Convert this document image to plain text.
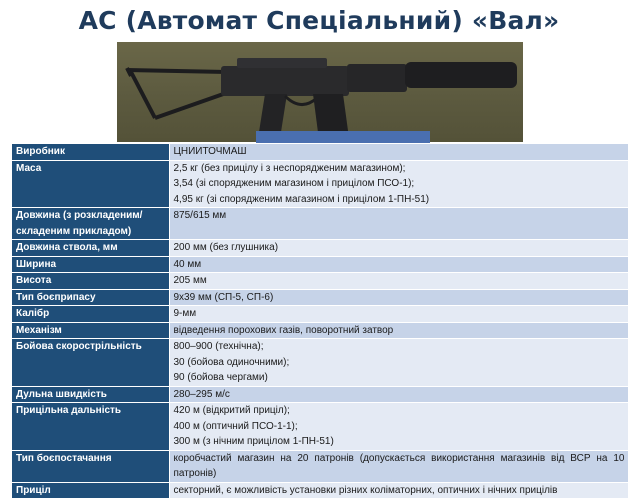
АС (Автомат Спеціальний) «Вал»
Виробник	ЦНИИТОЧМАШ

Маса	2,5 кг (без прицілу і з неспорядженим магазином);
3,54 (зі спорядженим магазином і прицілом ПСО-1);
4,95 кг (зі спорядженим магазином і прицілом 1-ПН-51)

Довжина (з розкладеним/ складеним прикладом)	875/615 мм

Довжина ствола, мм	200 мм (без глушника)

Ширина	40 мм

Висота	205 мм

Тип боєприпасу	9х39 мм (СП-5, СП-6)

Калібр	9-мм

Механізм	відведення порохових газів, поворотний затвор

Бойова скорострільність	800–900 (технічна);
30 (бойова одиночними);
90 (бойова чергами)

Дульна швидкість	280–295 м/с

Прицільна дальність	420 м (відкритий приціл);
400 м (оптичний ПСО-1-1);
300 м (з нічним прицілом 1-ПН-51)

Тип боєпостачання	коробчастий магазин на 20 патронів (допускається використання магазинів від ВСР на 10 патронів)

Приціл	секторний, є можливість установки різних коліматорних, оптичних і нічних прицілів
